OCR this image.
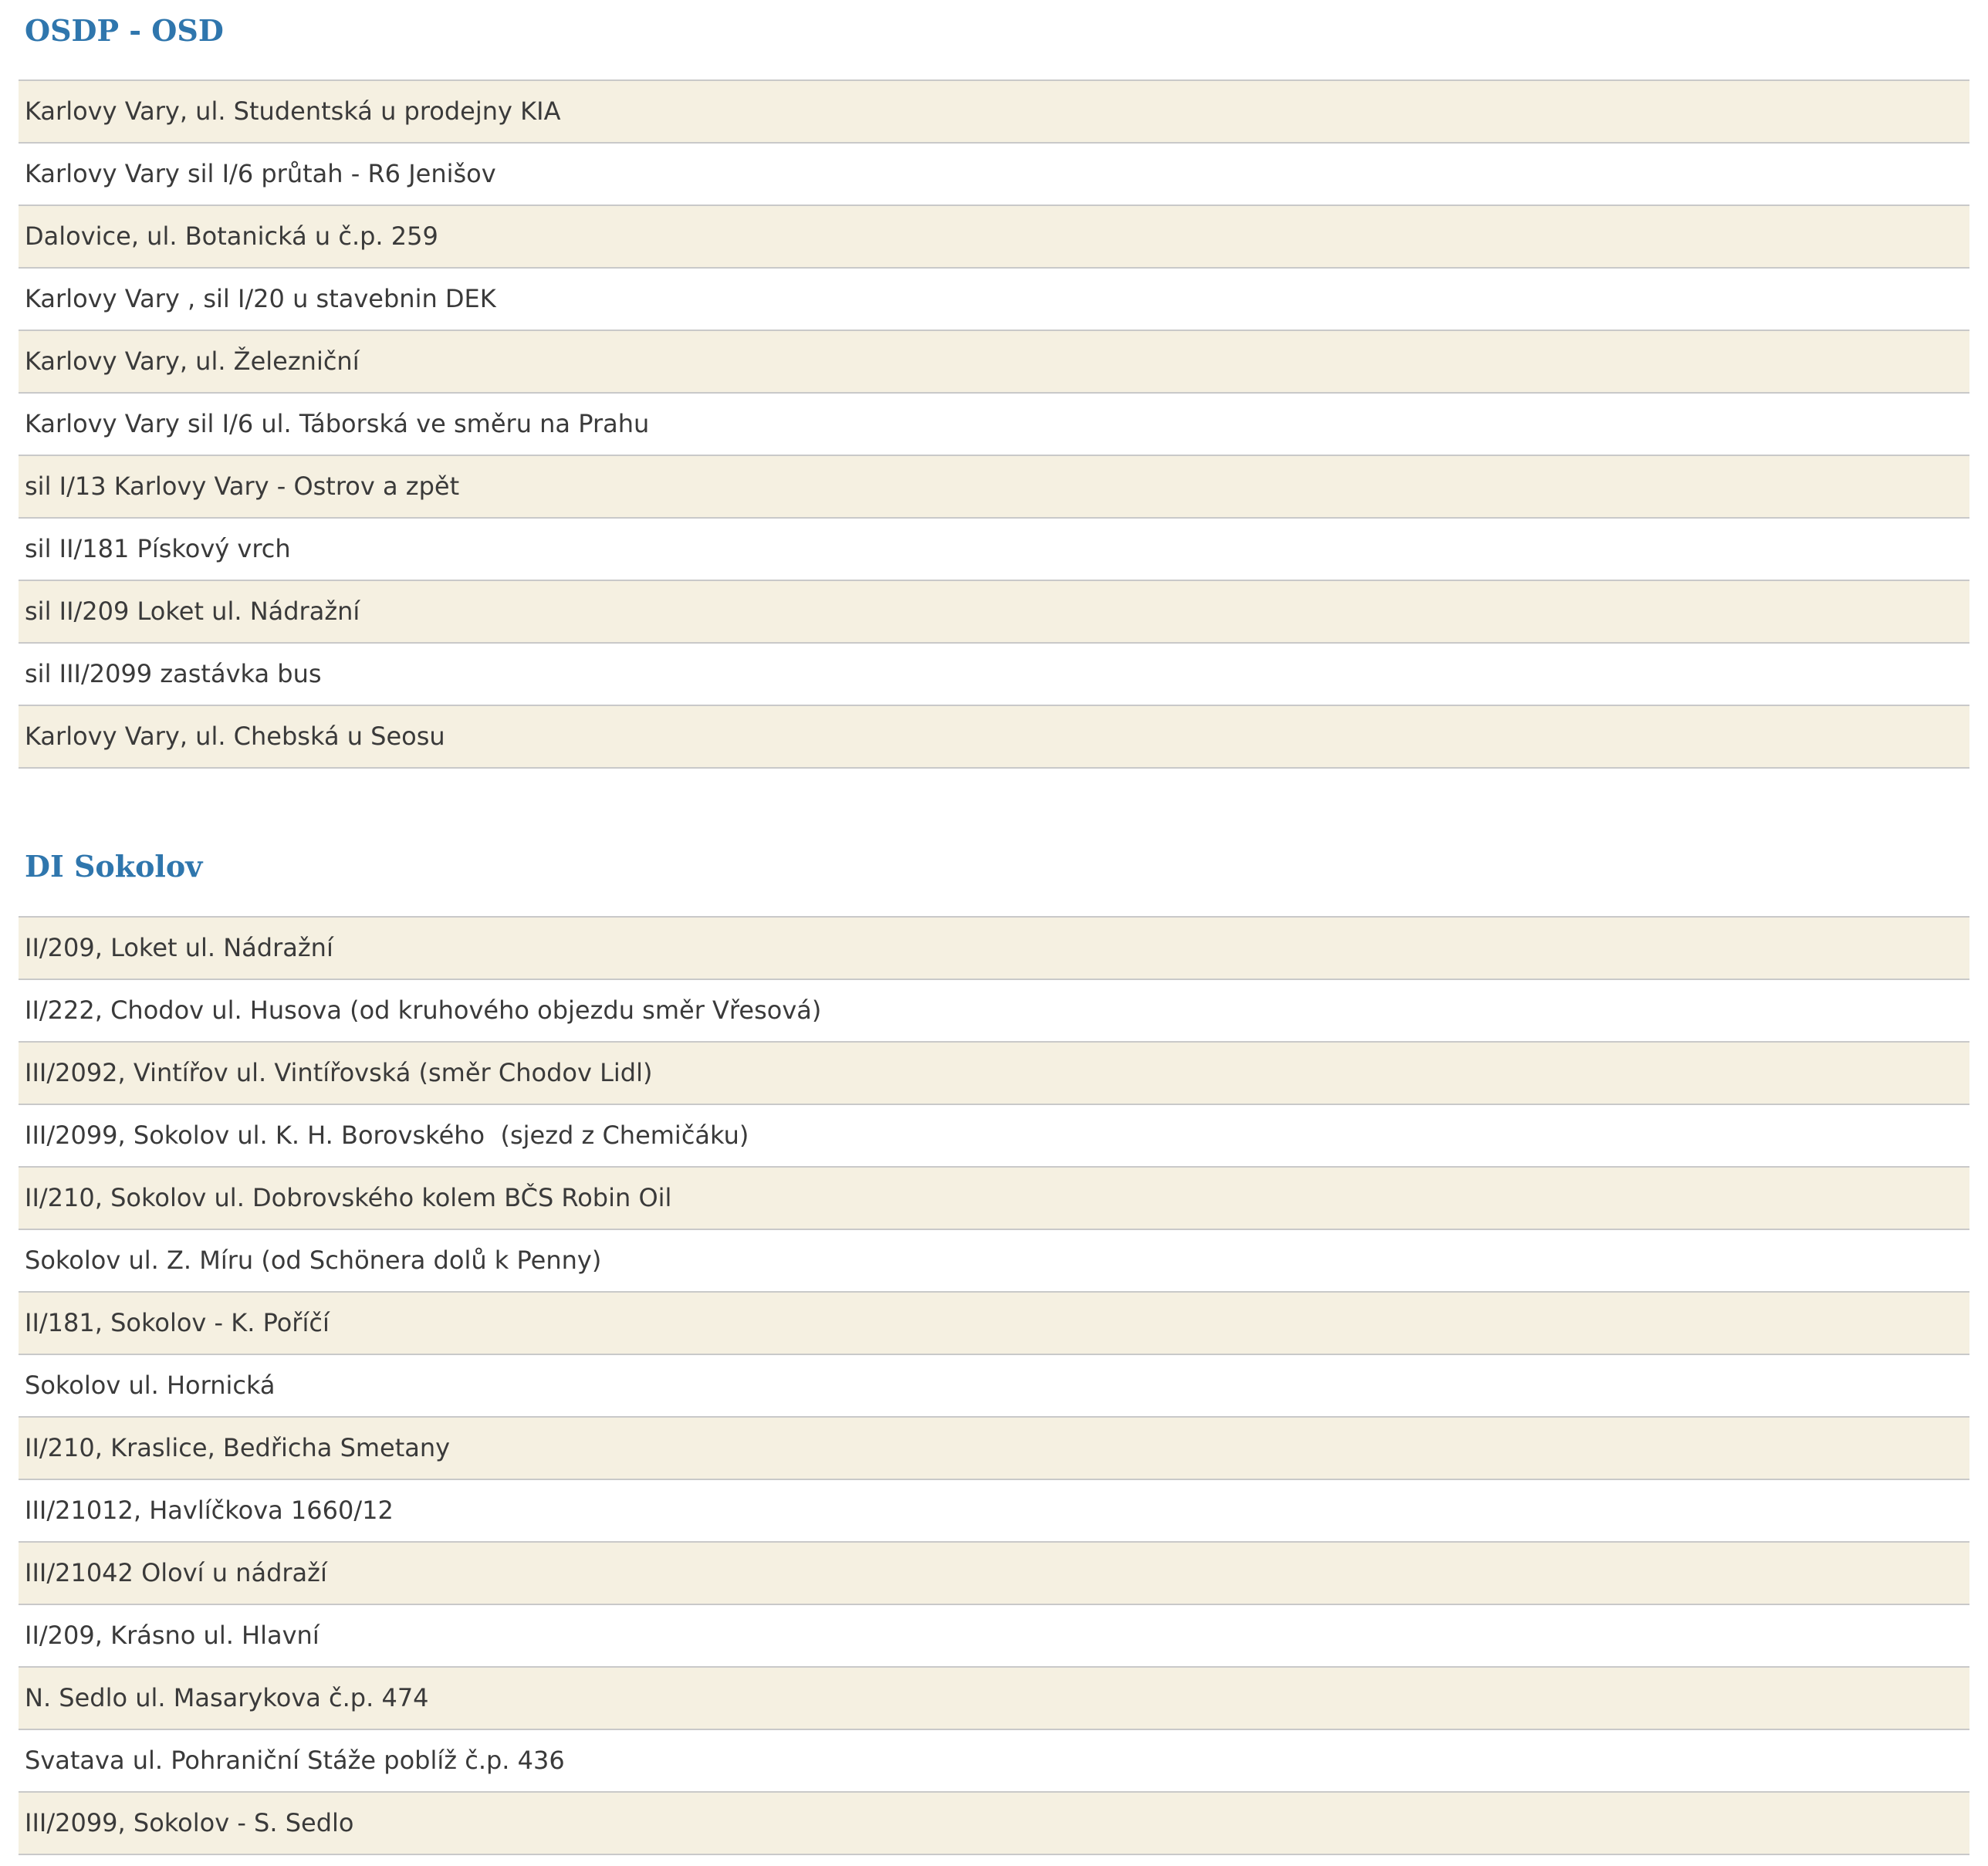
OSDP - OSD
Karlovy Vary, ul. Studentská u prodejny KIA
Karlovy Vary sil I/6 průtah - R6 Jenišov
Dalovice, ul. Botanická u č.p. 259
Karlovy Vary , sil I/20 u stavebnin DEK
Karlovy Vary, ul. Železniční
Karlovy Vary sil I/6 ul. Táborská ve směru na Prahu
sil I/13 Karlovy Vary - Ostrov a zpět
sil II/181 Pískový vrch
sil II/209 Loket ul. Nádražní
sil III/2099 zastávka bus
Karlovy Vary, ul. Chebská u Seosu
DI Sokolov
II/209, Loket ul. Nádražní
II/222, Chodov ul. Husova (od kruhového objezdu směr Vřesová)
III/2092, Vintířov ul. Vintířovská (směr Chodov Lidl)
III/2099, Sokolov ul. K. H. Borovského  (sjezd z Chemičáku)
II/210, Sokolov ul. Dobrovského kolem BČS Robin Oil
Sokolov ul. Z. Míru (od Schönera dolů k Penny)
II/181, Sokolov - K. Poříčí
Sokolov ul. Hornická
II/210, Kraslice, Bedřicha Smetany
III/21012, Havlíčkova 1660/12
III/21042 Oloví u nádraží
II/209, Krásno ul. Hlavní
N. Sedlo ul. Masarykova č.p. 474
Svatava ul. Pohraniční Stáže poblíž č.p. 436
III/2099, Sokolov - S. Sedlo
